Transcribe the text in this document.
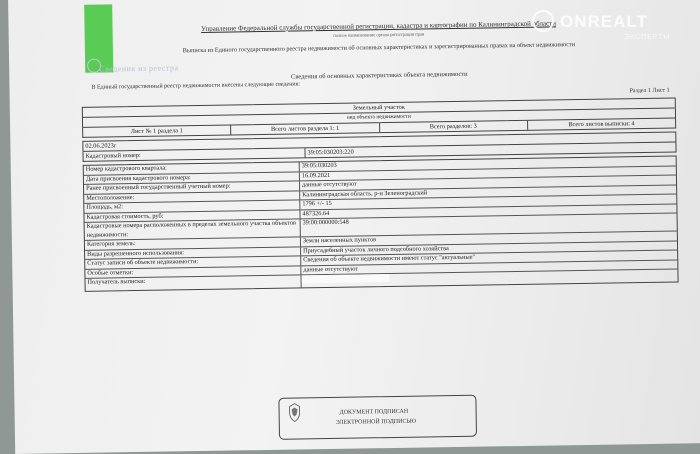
Управление Федеральной службы государственной регистрации, кадастра и картографии по Калининградской области
полное наименование органа регистрации прав
Выписка из Единого государственного реестра недвижимости об основных характеристиках и зарегистрированных правах на объект недвижимости
Сведения из реестра
Сведения об основных характеристиках объекта недвижимости
В Единый государственный реестр недвижимости внесены следующие сведения:
Раздел 1 Лист 1
Земельный участок
вид объекта недвижимости
Лист № 1 раздела 1	Всего листов раздела 1: 1	Всего разделов: 3	Всего листов выписки: 4
02.06.2023г
Кадастровый номер:	39:05:030203:220
Номер кадастрового квартала:	39:05:030203
Дата присвоения кадастрового номера:	16.09.2021
Ранее присвоенный государственный учетный номер:	данные отсутствуют
Местоположение:	Калининградская область, р-н Зеленоградский
Площадь, м2:	1796 +/- 15
Кадастровая стоимость, руб:	487326.64
Кадастровые номера расположенных в пределах земельного участка объектов недвижимости:
39:00:000000:548
Категория земель:	Земли населенных пунктов
Виды разрешенного использования:	Приусадебный участок личного подсобного хозяйства
Статус записи об объекте недвижимости:	Сведения об объекте недвижимости имеют статус "актуальные"
Особые отметки:	данные отсутствуют
Получатель выписки:
ДОКУМЕНТ ПОДПИСАН
ЭЛЕКТРОННОЙ ПОДПИСЬЮ
ONREALT
ЭКСПЕРТЫ
